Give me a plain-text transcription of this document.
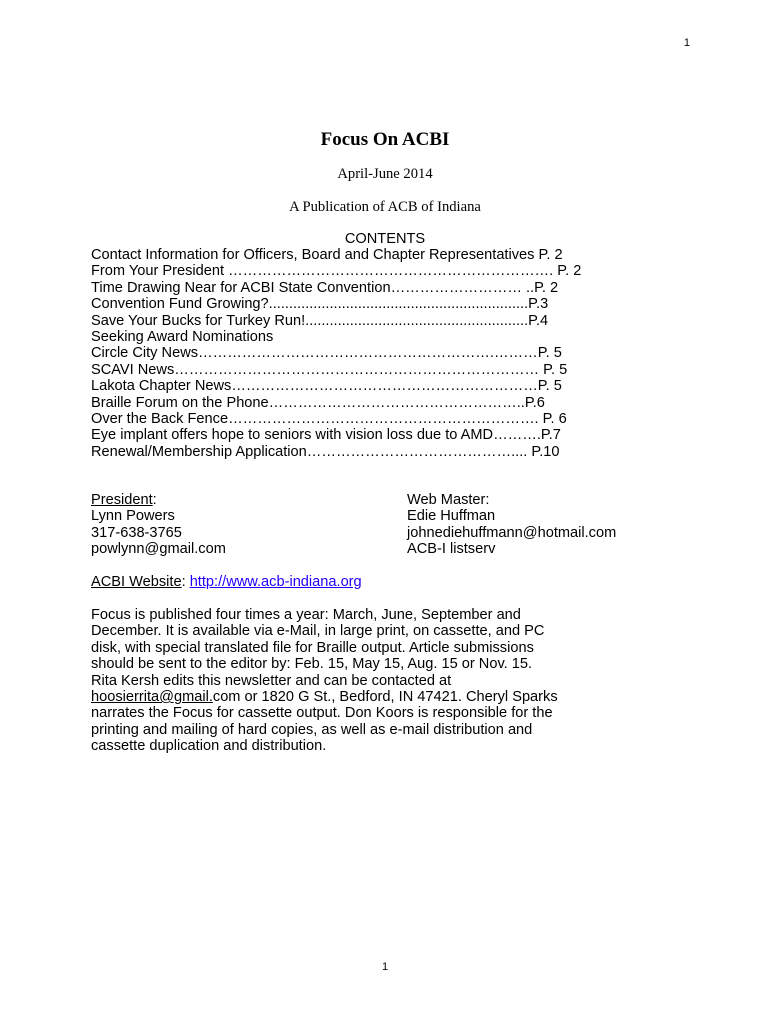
1
Focus On ACBI
April-June 2014
A Publication of ACB of Indiana
CONTENTS
Contact Information for Officers, Board and Chapter Representatives P. 2
From Your President …………………………………………………………. P. 2
Time Drawing Near for ACBI State Convention……………………… ..P. 2
Convention Fund Growing?................................................................P.3
Save Your Bucks for Turkey Run!.......................................................P.4
Seeking Award Nominations
Circle City News…………………………………………………….………P. 5
SCAVI News………………………………………………………………… P. 5
Lakota Chapter News………………………………………………………P. 5
Braille Forum on the Phone……………………………………………..P.6
Over the Back Fence………………………………………………………. P. 6
Eye implant offers hope to seniors with vision loss due to AMD……….P.7
Renewal/Membership Application…………………………………….... P.10
President:
Lynn Powers
317-638-3765
powlynn@gmail.com
Web Master:
Edie Huffman
johnediehuffmann@hotmail.com
ACB-I listserv
ACBI Website: http://www.acb-indiana.org
Focus is published four times a year: March, June, September and
December. It is available via e-Mail, in large print, on cassette, and PC
disk, with special translated file for Braille output. Article submissions
should be sent to the editor by: Feb. 15, May 15, Aug. 15 or Nov. 15.
Rita Kersh edits this newsletter and can be contacted at
hoosierrita@gmail.com or 1820 G St., Bedford, IN 47421. Cheryl Sparks
narrates the Focus for cassette output. Don Koors is responsible for the
printing and mailing of hard copies, as well as e-mail distribution and
cassette duplication and distribution.
1
